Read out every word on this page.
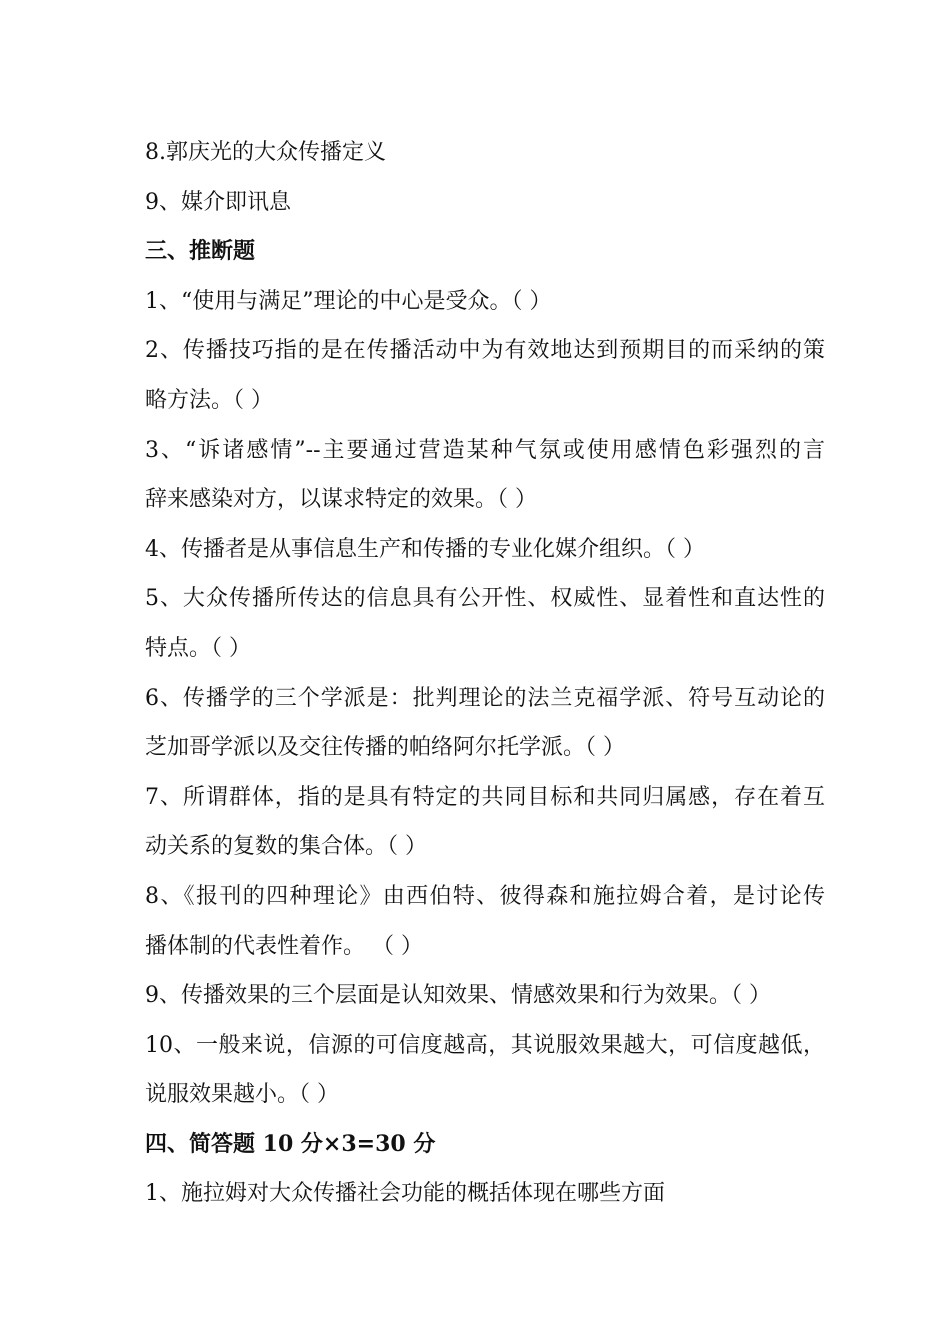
8.郭庆光的大众传播定义
9、媒介即讯息
三、推断题
1、“使用与满足”理论的中心是受众。（ ）
2、传播技巧指的是在传播活动中为有效地达到预期目的而采纳的策
略方法。（ ）
3、“诉诸感情”--主要通过营造某种气氛或使用感情色彩强烈的言
辞来感染对方，以谋求特定的效果。（ ）
4、传播者是从事信息生产和传播的专业化媒介组织。（ ）
5、大众传播所传达的信息具有公开性、权威性、显着性和直达性的
特点。（ ）
6、传播学的三个学派是：批判理论的法兰克福学派、符号互动论的
芝加哥学派以及交往传播的帕络阿尔托学派。（ ）
7、所谓群体，指的是具有特定的共同目标和共同归属感，存在着互
动关系的复数的集合体。（ ）
8、《报刊的四种理论》由西伯特、彼得森和施拉姆合着，是讨论传
播体制的代表性着作。 （ ）
9、传播效果的三个层面是认知效果、情感效果和行为效果。（ ）
10、一般来说，信源的可信度越高，其说服效果越大，可信度越低，
说服效果越小。（ ）
四、简答题 10 分×3=30 分
1、施拉姆对大众传播社会功能的概括体现在哪些方面
